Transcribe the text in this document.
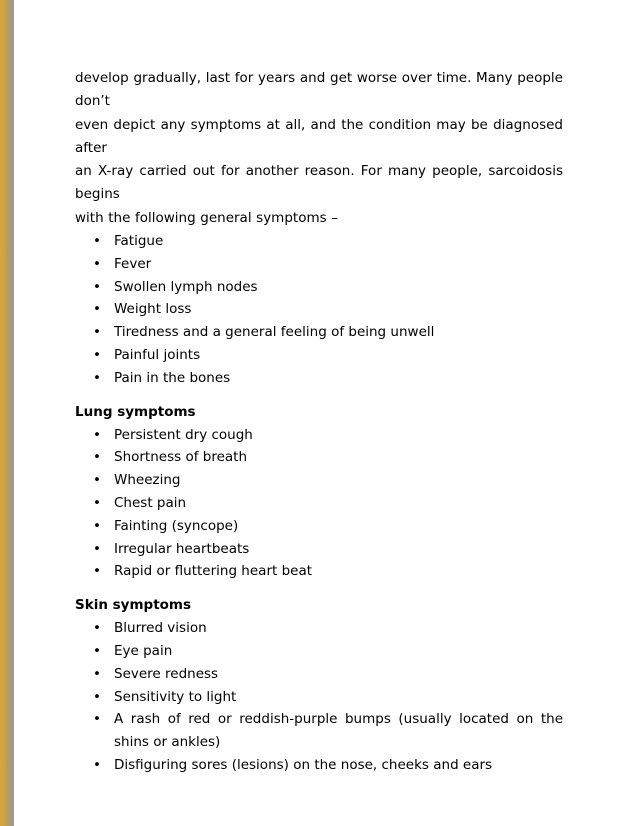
develop gradually, last for years and get worse over time. Many people don’t
even depict any symptoms at all, and the condition may be diagnosed after
an X-ray carried out for another reason. For many people, sarcoidosis begins
with the following general symptoms –
• Fatigue
• Fever
• Swollen lymph nodes
• Weight loss
• Tiredness and a general feeling of being unwell
• Painful joints
• Pain in the bones
Lung symptoms
• Persistent dry cough
• Shortness of breath
• Wheezing
• Chest pain
• Fainting (syncope)
• Irregular heartbeats
• Rapid or fluttering heart beat
Skin symptoms
• Blurred vision
• Eye pain
• Severe redness
• Sensitivity to light
• A rash of red or reddish-purple bumps (usually located on the shins or ankles)
• Disfiguring sores (lesions) on the nose, cheeks and ears
